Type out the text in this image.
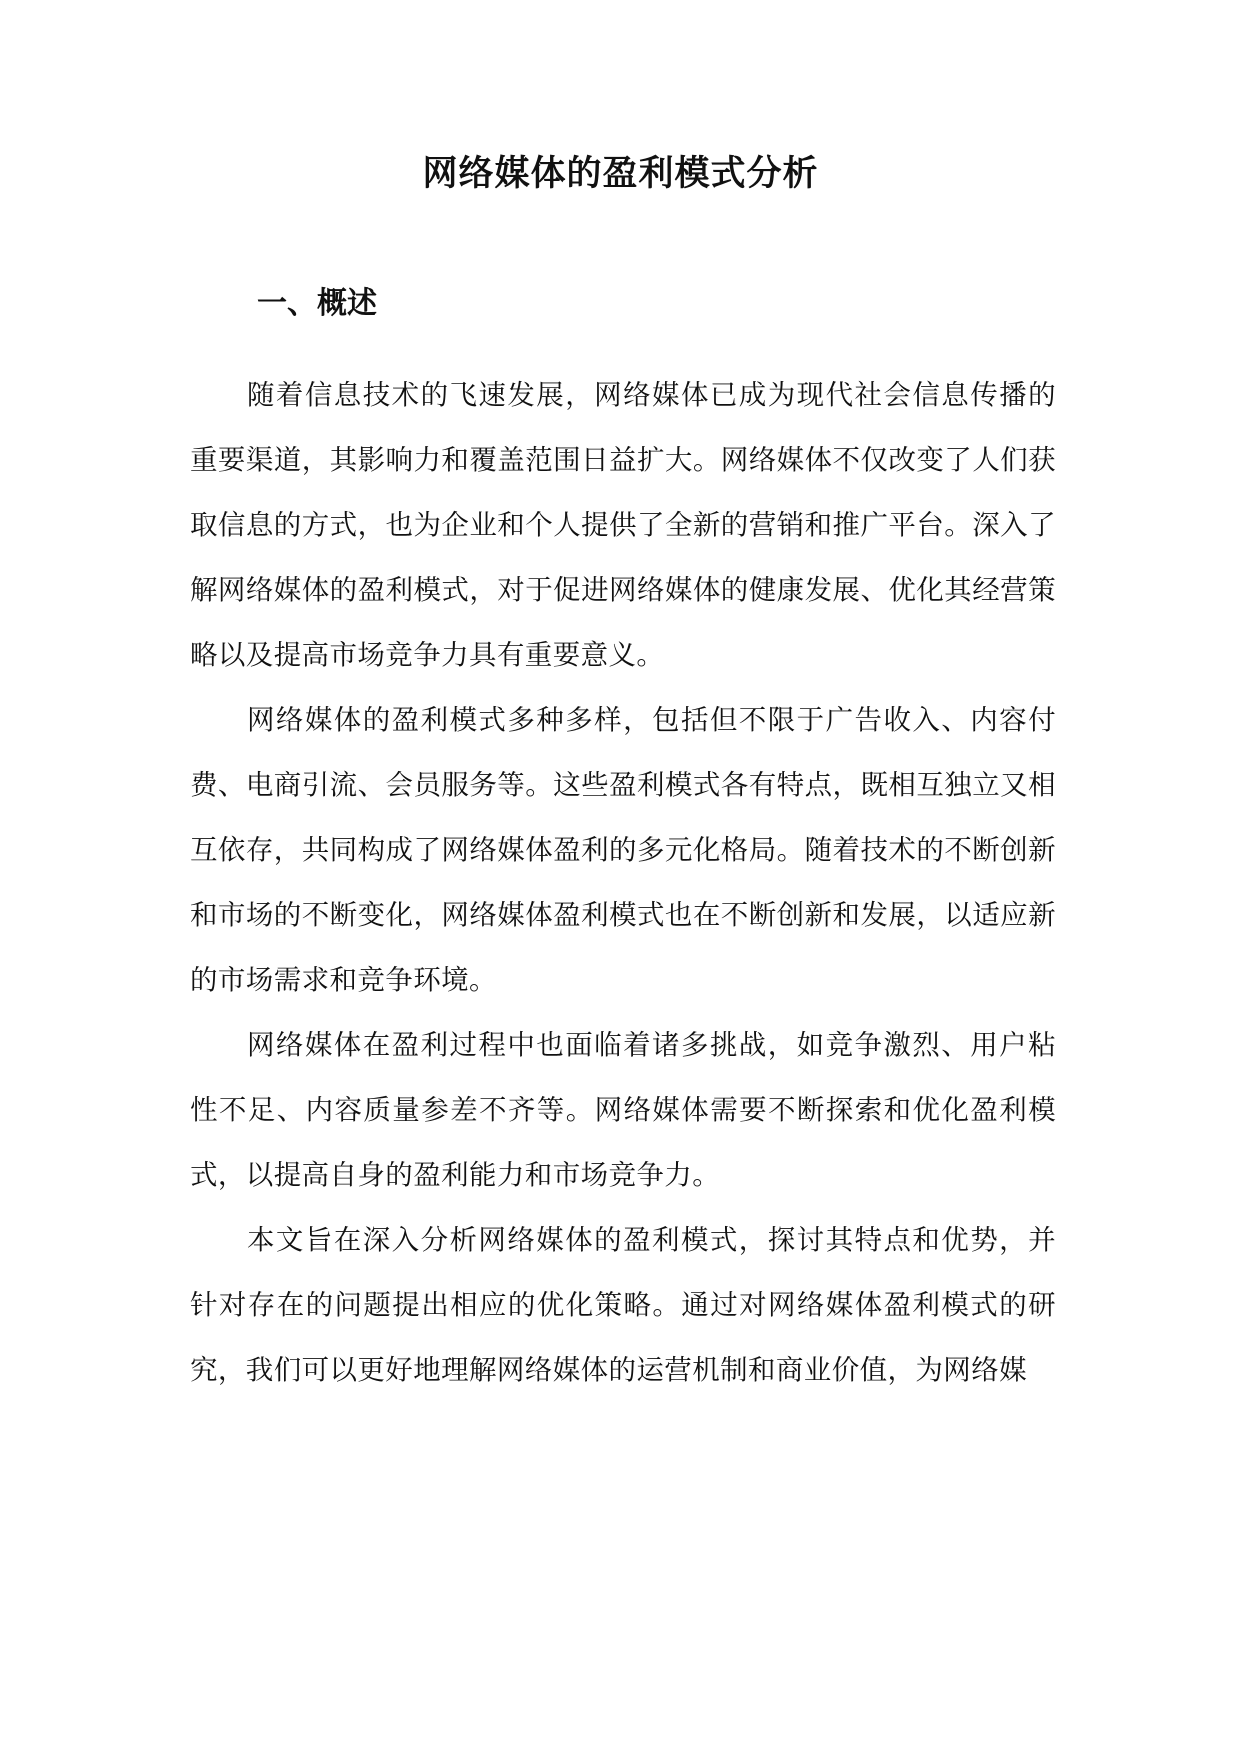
网络媒体的盈利模式分析
一、概述

随着信息技术的飞速发展，网络媒体已成为现代社会信息传播的重要渠道，其影响力和覆盖范围日益扩大。网络媒体不仅改变了人们获取信息的方式，也为企业和个人提供了全新的营销和推广平台。深入了解网络媒体的盈利模式，对于促进网络媒体的健康发展、优化其经营策略以及提高市场竞争力具有重要意义。

网络媒体的盈利模式多种多样，包括但不限于广告收入、内容付费、电商引流、会员服务等。这些盈利模式各有特点，既相互独立又相互依存，共同构成了网络媒体盈利的多元化格局。随着技术的不断创新和市场的不断变化，网络媒体盈利模式也在不断创新和发展，以适应新的市场需求和竞争环境。

网络媒体在盈利过程中也面临着诸多挑战，如竞争激烈、用户粘性不足、内容质量参差不齐等。网络媒体需要不断探索和优化盈利模式，以提高自身的盈利能力和市场竞争力。

本文旨在深入分析网络媒体的盈利模式，探讨其特点和优势，并针对存在的问题提出相应的优化策略。通过对网络媒体盈利模式的研究，我们可以更好地理解网络媒体的运营机制和商业价值，为网络媒
